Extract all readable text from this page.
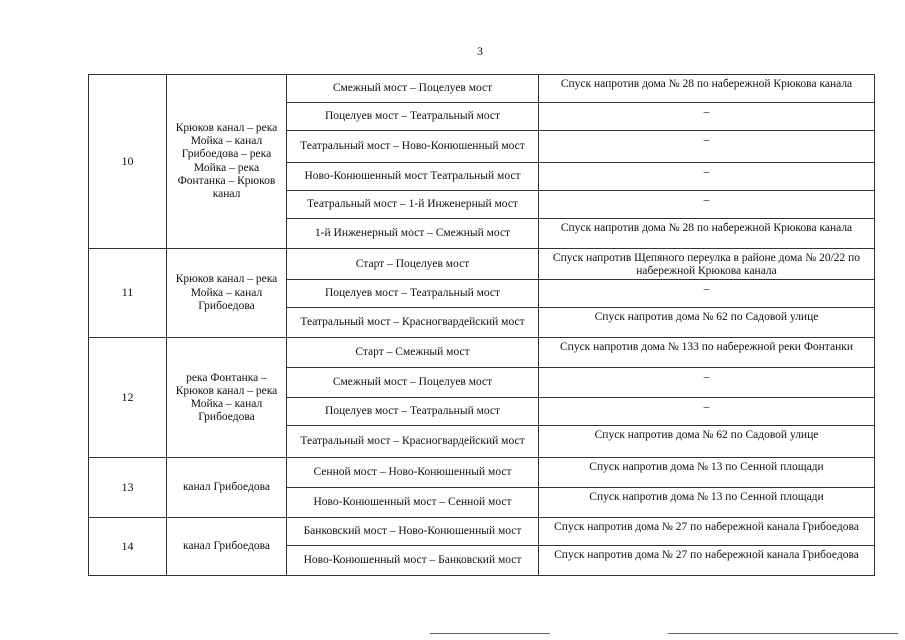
3
10	Крюков канал – река Мойка – канал Грибоедова – река Мойка – река Фонтанка – Крюков канал	Смежный мост – Поцелуев мост	Спуск напротив дома № 28 по набережной Крюкова канала
		Поцелуев мост – Театральный мост	–
		Театральный мост – Ново-Конюшенный мост	–
		Ново-Конюшенный мост Театральный мост	–
		Театральный мост – 1-й Инженерный мост	–
		1-й Инженерный мост – Смежный мост	Спуск напротив дома № 28 по набережной Крюкова канала
11	Крюков канал – река Мойка – канал Грибоедова	Старт – Поцелуев мост	Спуск напротив Щепяного переулка в районе дома № 20/22 по набережной Крюкова канала
		Поцелуев мост – Театральный мост	–
		Театральный мост – Красногвардейский мост	Спуск напротив дома № 62 по Садовой улице
12	река Фонтанка – Крюков канал – река Мойка – канал Грибоедова	Старт – Смежный мост	Спуск напротив дома № 133 по набережной реки Фонтанки
		Смежный мост – Поцелуев мост	–
		Поцелуев мост – Театральный мост	–
		Театральный мост – Красногвардейский мост	Спуск напротив дома № 62 по Садовой улице
13	канал Грибоедова	Сенной мост – Ново-Конюшенный мост	Спуск напротив дома № 13 по Сенной площади
		Ново-Конюшенный мост – Сенной мост	Спуск напротив дома № 13 по Сенной площади
14	канал Грибоедова	Банковский мост – Ново-Конюшенный мост	Спуск напротив дома № 27 по набережной канала Грибоедова
		Ново-Конюшенный мост – Банковский мост	Спуск напротив дома № 27 по набережной канала Грибоедова
